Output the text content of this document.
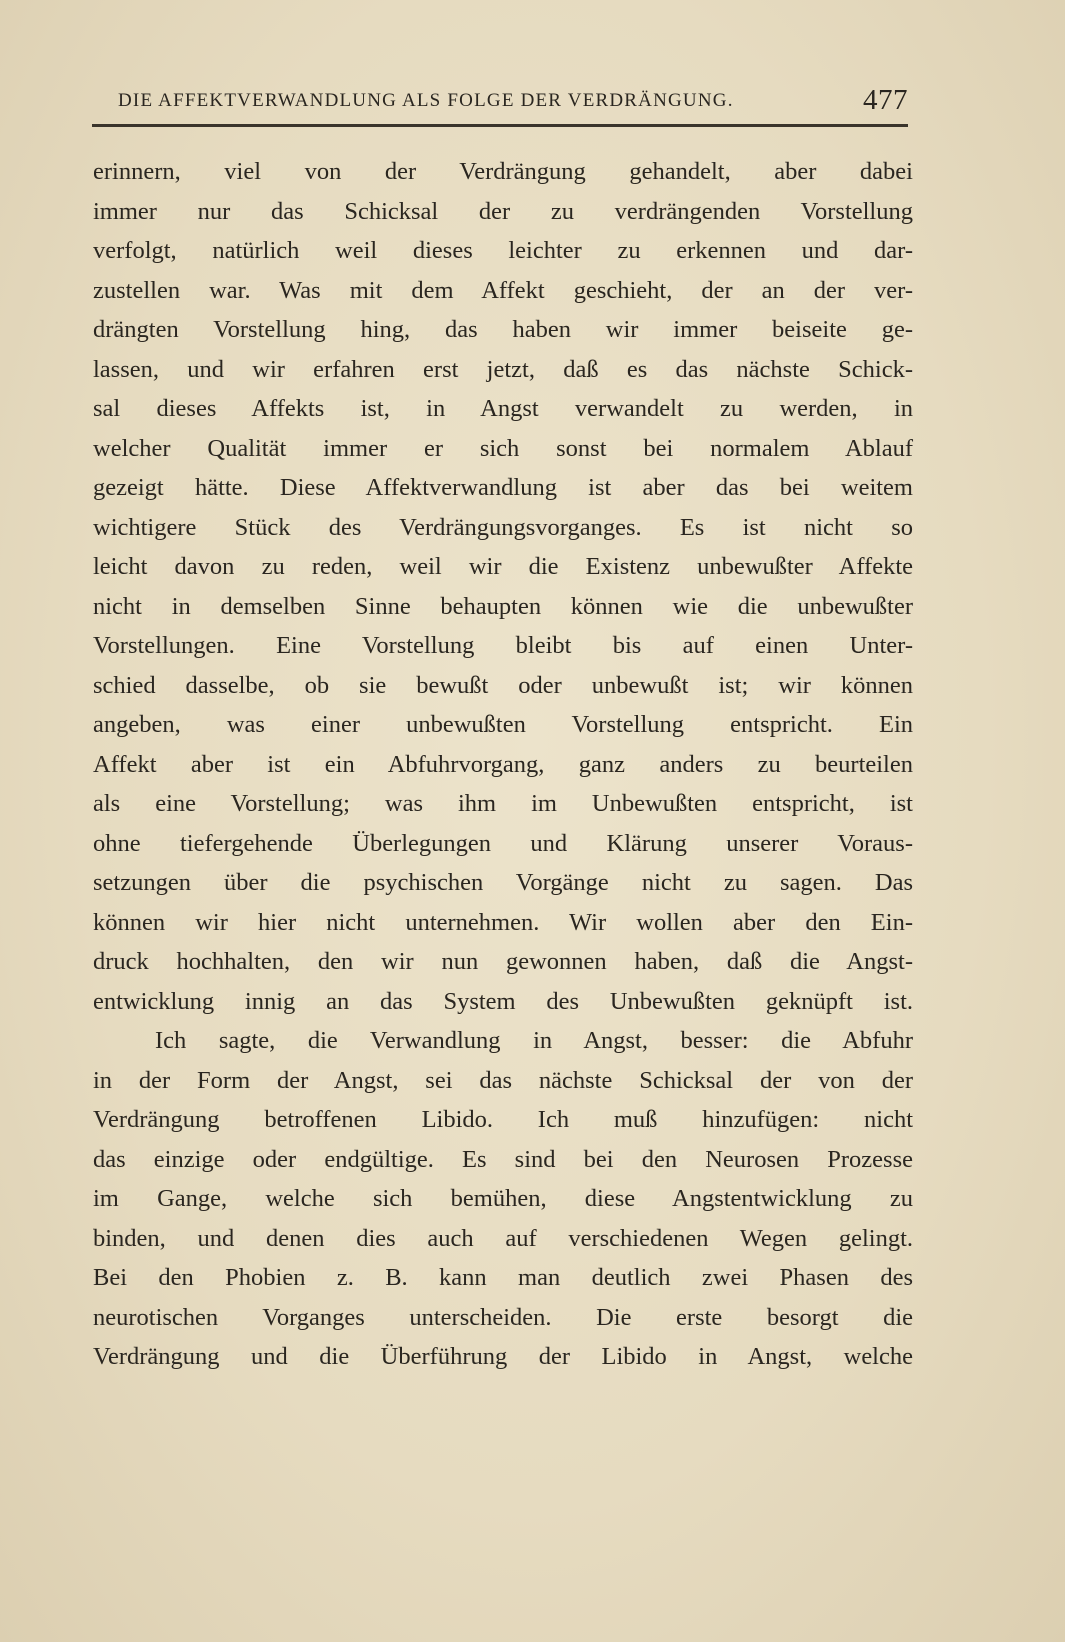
DIE AFFEKTVERWANDLUNG ALS FOLGE DER VERDRÄNGUNG.	477
erinnern, viel von der Verdrängung gehandelt, aber dabei
immer nur das Schicksal der zu verdrängenden Vorstellung
verfolgt, natürlich weil dieses leichter zu erkennen und dar-
zustellen war. Was mit dem Affekt geschieht, der an der ver-
drängten Vorstellung hing, das haben wir immer beiseite ge-
lassen, und wir erfahren erst jetzt, daß es das nächste Schick-
sal dieses Affekts ist, in Angst verwandelt zu werden, in
welcher Qualität immer er sich sonst bei normalem Ablauf
gezeigt hätte. Diese Affektverwandlung ist aber das bei weitem
wichtigere Stück des Verdrängungsvorganges. Es ist nicht so
leicht davon zu reden, weil wir die Existenz unbewußter Affekte
nicht in demselben Sinne behaupten können wie die unbewußter
Vorstellungen. Eine Vorstellung bleibt bis auf einen Unter-
schied dasselbe, ob sie bewußt oder unbewußt ist; wir können
angeben, was einer unbewußten Vorstellung entspricht. Ein
Affekt aber ist ein Abfuhrvorgang, ganz anders zu beurteilen
als eine Vorstellung; was ihm im Unbewußten entspricht, ist
ohne tiefergehende Überlegungen und Klärung unserer Voraus-
setzungen über die psychischen Vorgänge nicht zu sagen. Das
können wir hier nicht unternehmen. Wir wollen aber den Ein-
druck hochhalten, den wir nun gewonnen haben, daß die Angst-
entwicklung innig an das System des Unbewußten geknüpft ist.
Ich sagte, die Verwandlung in Angst, besser: die Abfuhr
in der Form der Angst, sei das nächste Schicksal der von der
Verdrängung betroffenen Libido. Ich muß hinzufügen: nicht
das einzige oder endgültige. Es sind bei den Neurosen Prozesse
im Gange, welche sich bemühen, diese Angstentwicklung zu
binden, und denen dies auch auf verschiedenen Wegen gelingt.
Bei den Phobien z. B. kann man deutlich zwei Phasen des
neurotischen Vorganges unterscheiden. Die erste besorgt die
Verdrängung und die Überführung der Libido in Angst, welche
